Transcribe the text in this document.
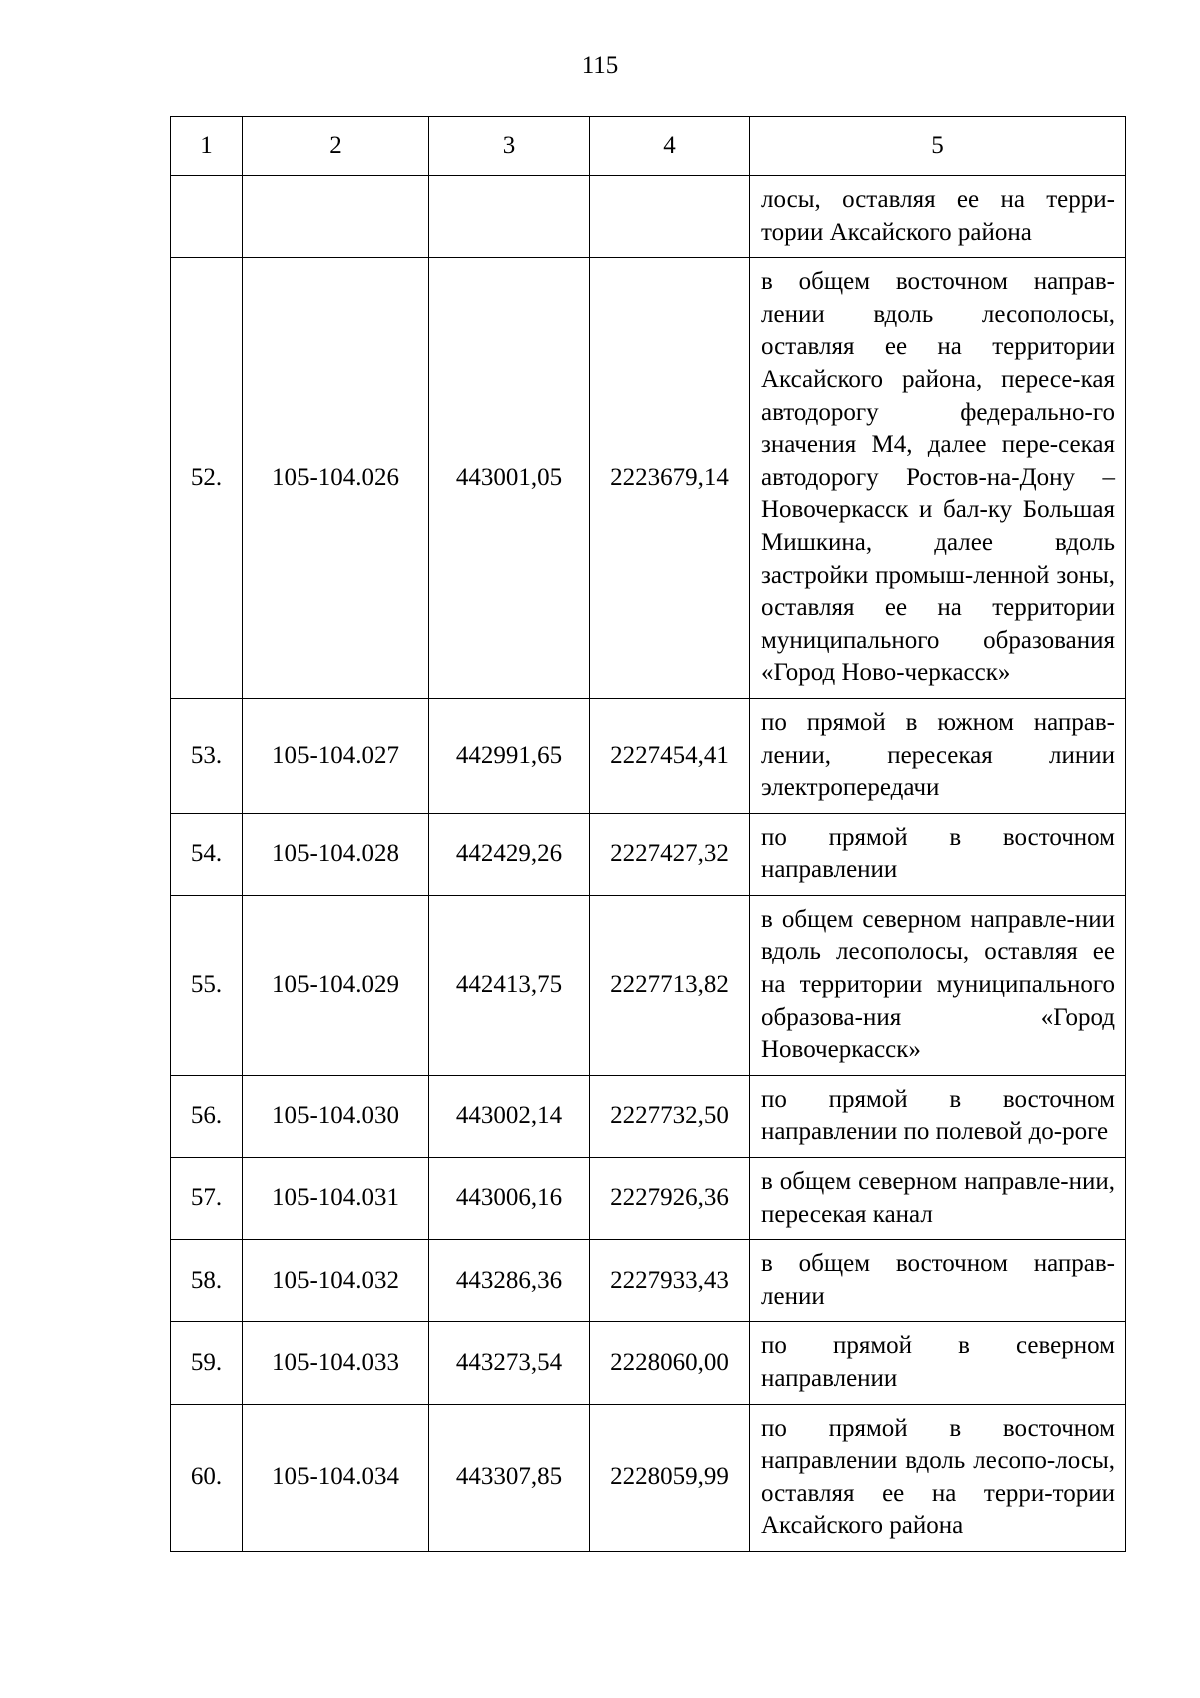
115
1	2	3	4	5
				лосы, оставляя ее на терри-тории Аксайского района
52.	105-104.026	443001,05	2223679,14	в общем восточном направ-лении вдоль лесополосы, оставляя ее на территории Аксайского района, пересе-кая автодорогу федерально-го значения М4, далее пере-секая автодорогу Ростов-на-Дону – Новочеркасск и бал-ку Большая Мишкина, далее вдоль застройки промыш-ленной зоны, оставляя ее на территории муниципального образования «Город Ново-черкасск»
53.	105-104.027	442991,65	2227454,41	по прямой в южном направ-лении, пересекая линии электропередачи
54.	105-104.028	442429,26	2227427,32	по прямой в восточном направлении
55.	105-104.029	442413,75	2227713,82	в общем северном направле-нии вдоль лесополосы, оставляя ее на территории муниципального образова-ния «Город Новочеркасск»
56.	105-104.030	443002,14	2227732,50	по прямой в восточном направлении по полевой до-роге
57.	105-104.031	443006,16	2227926,36	в общем северном направле-нии, пересекая канал
58.	105-104.032	443286,36	2227933,43	в общем восточном направ-лении
59.	105-104.033	443273,54	2228060,00	по прямой в северном направлении
60.	105-104.034	443307,85	2228059,99	по прямой в восточном направлении вдоль лесопо-лосы, оставляя ее на терри-тории Аксайского района
